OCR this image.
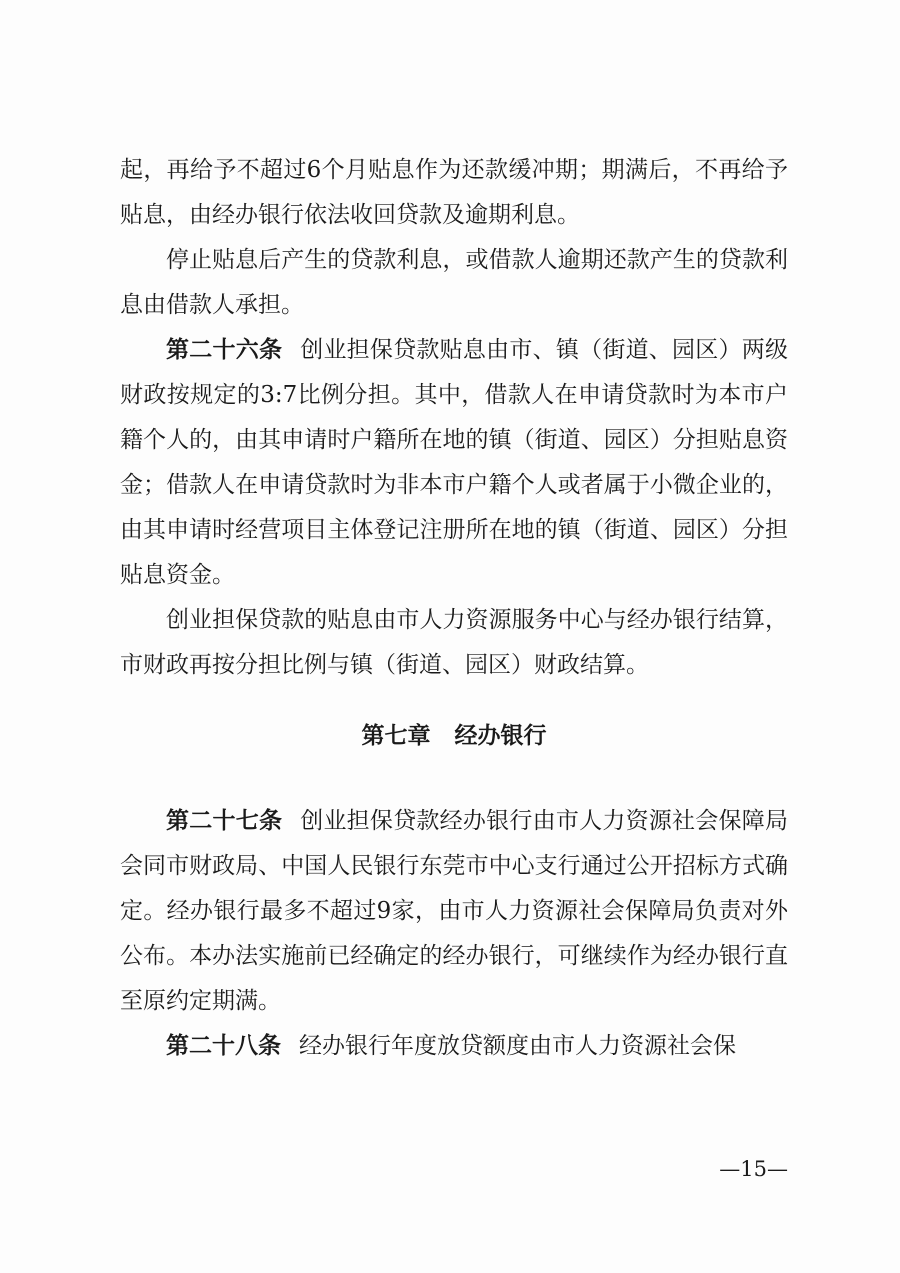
起，再给予不超过6个月贴息作为还款缓冲期；期满后，不再给予贴息，由经办银行依法收回贷款及逾期利息。

停止贴息后产生的贷款利息，或借款人逾期还款产生的贷款利息由借款人承担。

第二十六条 创业担保贷款贴息由市、镇（街道、园区）两级财政按规定的3:7比例分担。其中，借款人在申请贷款时为本市户籍个人的，由其申请时户籍所在地的镇（街道、园区）分担贴息资金；借款人在申请贷款时为非本市户籍个人或者属于小微企业的，由其申请时经营项目主体登记注册所在地的镇（街道、园区）分担贴息资金。

创业担保贷款的贴息由市人力资源服务中心与经办银行结算，市财政再按分担比例与镇（街道、园区）财政结算。

第七章 经办银行

第二十七条 创业担保贷款经办银行由市人力资源社会保障局会同市财政局、中国人民银行东莞市中心支行通过公开招标方式确定。经办银行最多不超过9家，由市人力资源社会保障局负责对外公布。本办法实施前已经确定的经办银行，可继续作为经办银行直至原约定期满。

第二十八条 经办银行年度放贷额度由市人力资源社会保

—15—
